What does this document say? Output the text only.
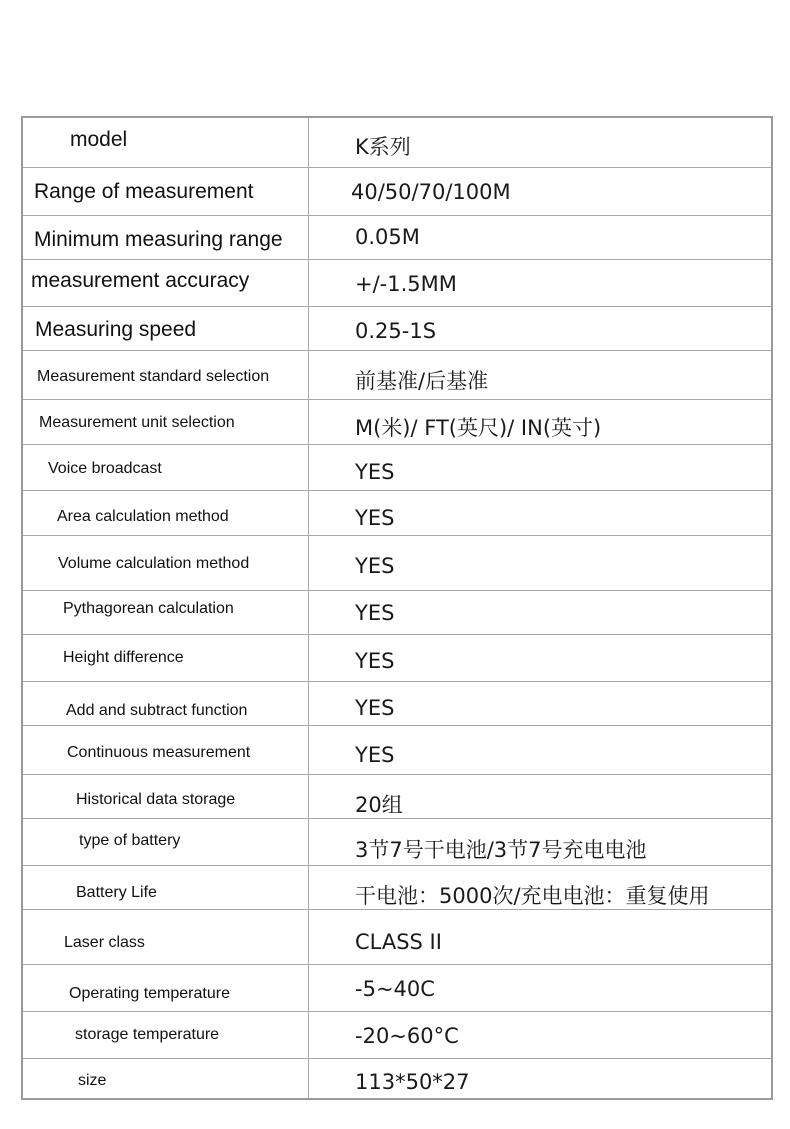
model	K系列
Range of measurement	40/50/70/100M
Minimum measuring range	0.05M
measurement accuracy	+/-1.5MM
Measuring speed	0.25-1S
Measurement standard selection	前基准/后基准
Measurement unit selection	M(米)/ FT(英尺)/ IN(英寸)
Voice broadcast	YES
Area calculation method	YES
Volume calculation method	YES
Pythagorean calculation	YES
Height difference	YES
Add and subtract function	YES
Continuous measurement	YES
Historical data storage	20组
type of battery	3节7号干电池/3节7号充电电池
Battery Life	干电池：5000次/充电电池：重复使用
Laser class	CLASS II
Operating temperature	-5~40C
storage temperature	-20~60°C
size	113*50*27
